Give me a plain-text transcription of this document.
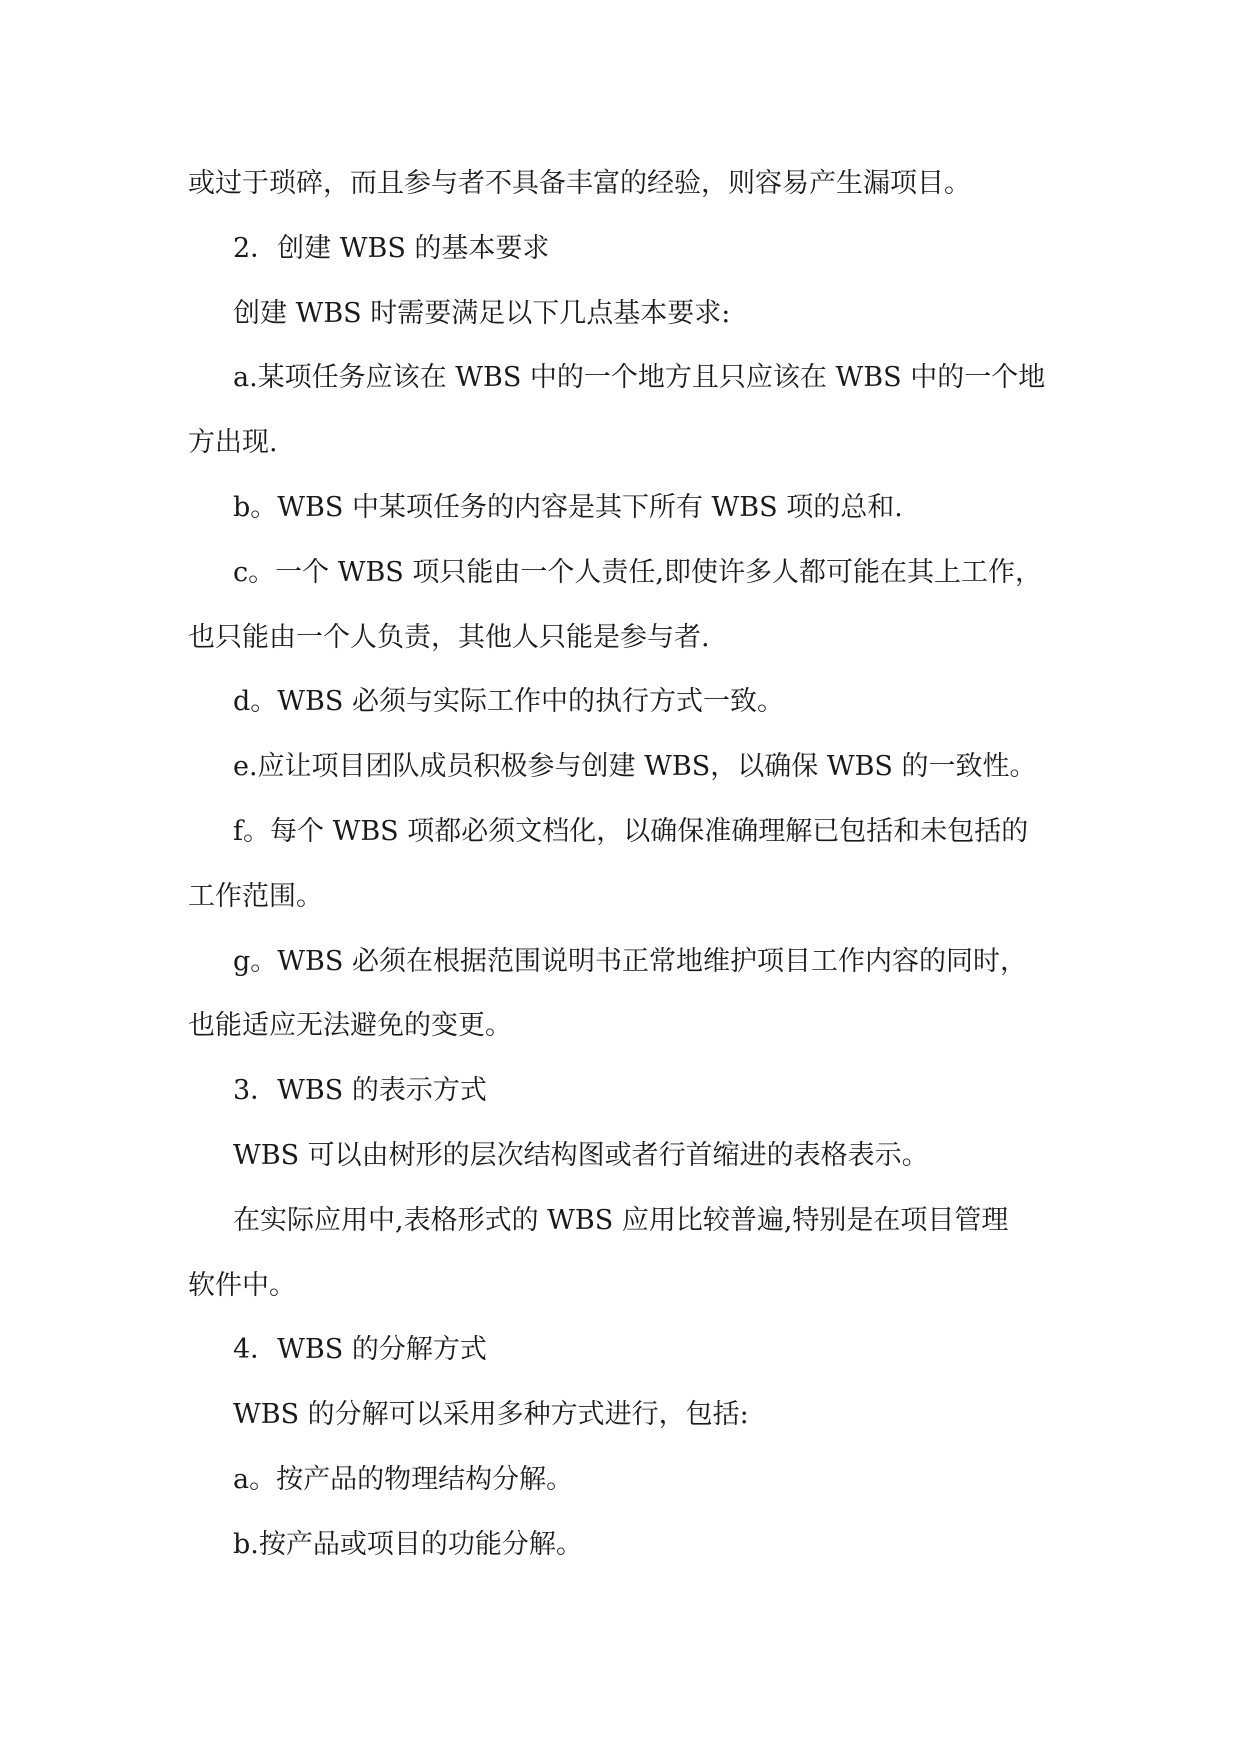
或过于琐碎，而且参与者不具备丰富的经验，则容易产生漏项目。
2．创建 WBS 的基本要求
创建 WBS 时需要满足以下几点基本要求:
a.某项任务应该在 WBS 中的一个地方且只应该在 WBS 中的一个地
方出现.
b。WBS 中某项任务的内容是其下所有 WBS 项的总和.
c。一个 WBS 项只能由一个人责任,即使许多人都可能在其上工作，
也只能由一个人负责，其他人只能是参与者.
d。WBS 必须与实际工作中的执行方式一致。
e.应让项目团队成员积极参与创建 WBS，以确保 WBS 的一致性。
f。每个 WBS 项都必须文档化，以确保准确理解已包括和未包括的
工作范围。
g。WBS 必须在根据范围说明书正常地维护项目工作内容的同时，
也能适应无法避免的变更。
3．WBS 的表示方式
WBS 可以由树形的层次结构图或者行首缩进的表格表示。
在实际应用中,表格形式的 WBS 应用比较普遍,特别是在项目管理
软件中。
4．WBS 的分解方式
WBS 的分解可以采用多种方式进行，包括:
a。按产品的物理结构分解。
b.按产品或项目的功能分解。
